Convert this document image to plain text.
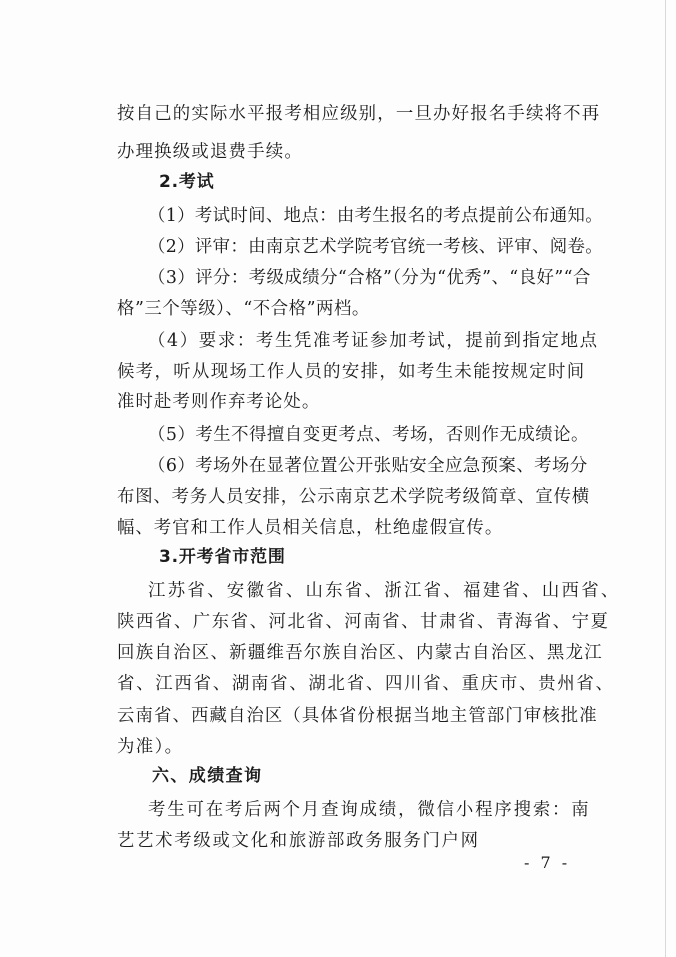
按自己的实际水平报考相应级别，一旦办好报名手续将不再
办理换级或退费手续。
2.考试
（1）考试时间、地点：由考生报名的考点提前公布通知。
（2）评审：由南京艺术学院考官统一考核、评审、阅卷。
（3）评分：考级成绩分“合格”（分为“优秀”、“良好”“合
格”三个等级）、“不合格”两档。
（4）要求：考生凭准考证参加考试，提前到指定地点
候考，听从现场工作人员的安排，如考生未能按规定时间
准时赴考则作弃考论处。
（5）考生不得擅自变更考点、考场，否则作无成绩论。
（6）考场外在显著位置公开张贴安全应急预案、考场分
布图、考务人员安排，公示南京艺术学院考级简章、宣传横
幅、考官和工作人员相关信息，杜绝虚假宣传。
3.开考省市范围
江苏省、安徽省、山东省、浙江省、福建省、山西省、
陕西省、广东省、河北省、河南省、甘肃省、青海省、宁夏
回族自治区、新疆维吾尔族自治区、内蒙古自治区、黑龙江
省、江西省、湖南省、湖北省、四川省、重庆市、贵州省、
云南省、西藏自治区（具体省份根据当地主管部门审核批准
为准）。
六、成绩查询
考生可在考后两个月查询成绩，微信小程序搜索：南
艺艺术考级或文化和旅游部政务服务门户网
- 7 -
